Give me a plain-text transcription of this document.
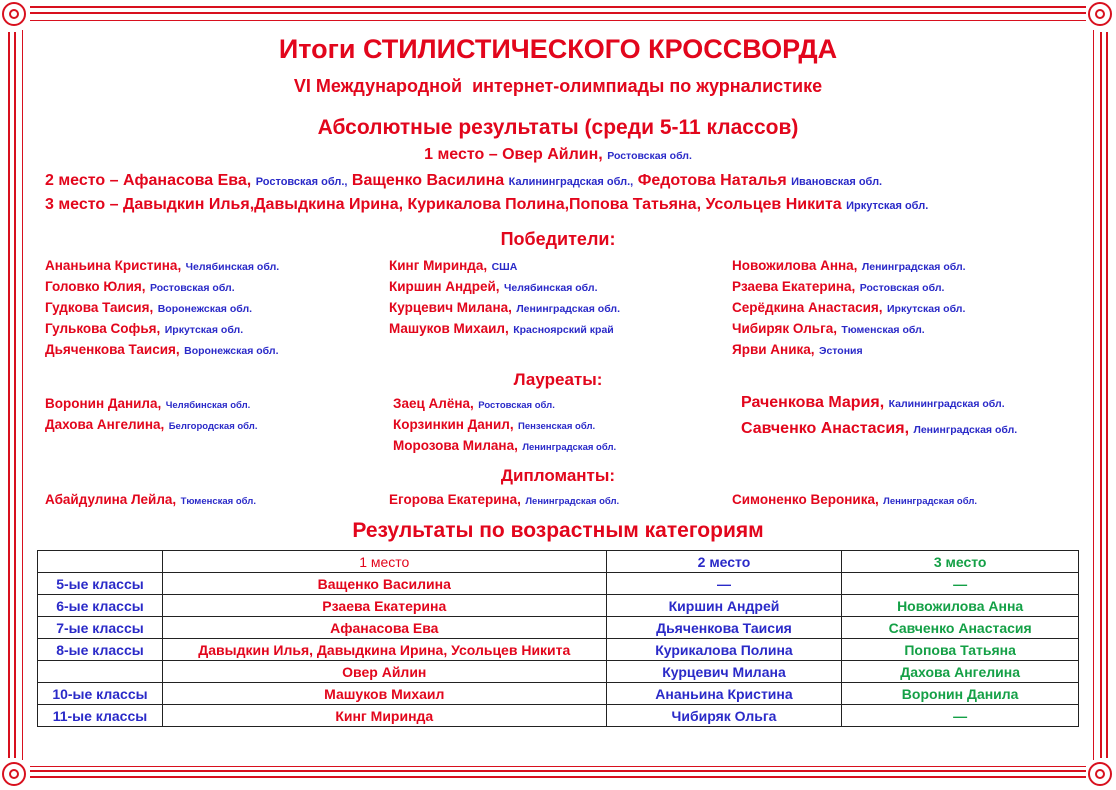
Итоги СТИЛИСТИЧЕСКОГО КРОССВОРДА
VI Международной  интернет-олимпиады по журналистике
Абсолютные результаты (среди 5-11 классов)
1 место – Овер Айлин, Ростовская обл.
2 место – Афанасова Ева, Ростовская обл., Ващенко Василина Калининградская обл., Федотова Наталья Ивановская обл.
3 место – Давыдкин Илья,Давыдкина Ирина, Курикалова Полина,Попова Татьяна, Усольцев Никита Иркутская обл.
Победители:
Ананьина Кристина, Челябинская обл.
Головко Юлия, Ростовская обл.
Гудкова Таисия, Воронежская обл.
Гулькова Софья, Иркутская обл.
Дьяченкова Таисия, Воронежская обл.
Кинг Миринда, США
Киршин Андрей, Челябинская обл.
Курцевич Милана, Ленинградская обл.
Машуков Михаил, Красноярский край
Новожилова Анна, Ленинградская обл.
Рзаева Екатерина, Ростовская обл.
Серёдкина Анастасия, Иркутская обл.
Чибиряк Ольга, Тюменская обл.
Ярви Аника, Эстония
Лауреаты:
Воронин Данила, Челябинская обл.
Дахова Ангелина, Белгородская обл.
Заец Алёна, Ростовская обл.
Корзинкин Данил, Пензенская обл.
Морозова Милана, Ленинградская обл.
Раченкова Мария, Калининградская обл.
Савченко Анастасия, Ленинградская обл.
Дипломанты:
Абайдулина Лейла, Тюменская обл.	Егорова Екатерина, Ленинградская обл.	Симоненко Вероника, Ленинградская обл.
Результаты по возрастным категориям
	1 место	2 место	3 место
5-ые классы	Ващенко Василина	—	—
6-ые классы	Рзаева Екатерина	Киршин Андрей	Новожилова Анна
7-ые классы	Афанасова Ева	Дьяченкова Таисия	Савченко Анастасия
8-ые классы	Давыдкин Илья, Давыдкина Ирина, Усольцев Никита	Курикалова Полина	Попова Татьяна
	Овер Айлин	Курцевич Милана	Дахова Ангелина
10-ые классы	Машуков Михаил	Ананьина Кристина	Воронин Данила
11-ые классы	Кинг Миринда	Чибиряк Ольга	—
